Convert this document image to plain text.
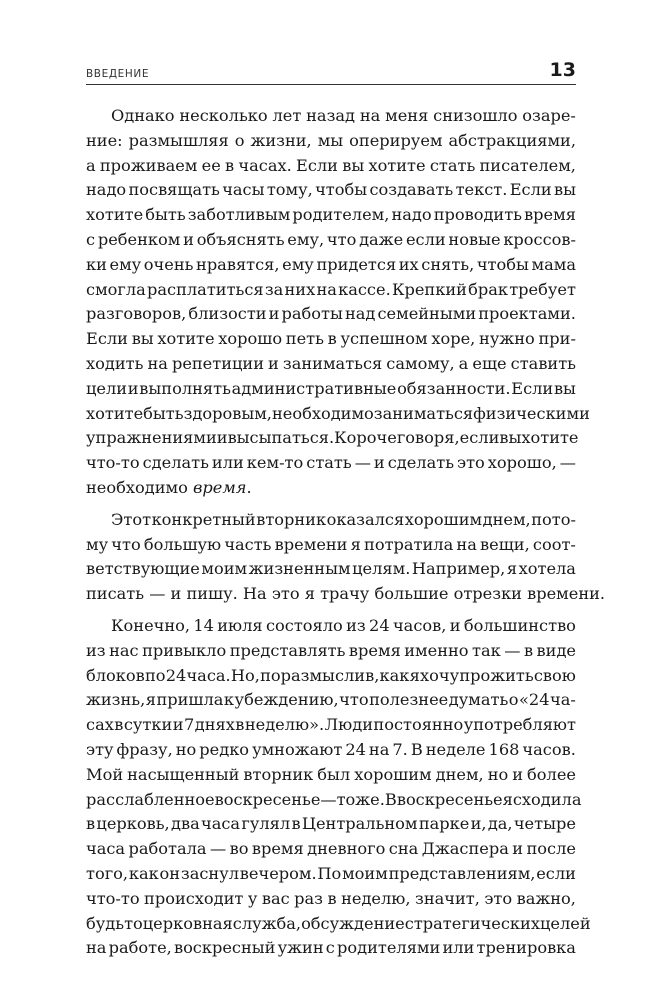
ВВЕДЕНИЕ	13
Однако несколько лет назад на меня снизошло озаре-
ние: размышляя о жизни, мы оперируем абстракциями,
а проживаем ее в часах. Если вы хотите стать писателем,
надо посвящать часы тому, чтобы создавать текст. Если вы
хотите быть заботливым родителем, надо проводить время
с ребенком и объяснять ему, что даже если новые кроссов-
ки ему очень нравятся, ему придется их снять, чтобы мама
смогла расплатиться за них на кассе. Крепкий брак требует
разговоров, близости и работы над семейными проектами.
Если вы хотите хорошо петь в успешном хоре, нужно при-
ходить на репетиции и заниматься самому, а еще ставить
цели и выполнять административные обязанности. Если вы
хотите быть здоровым, необходимо заниматься физическими
упражнениями и высыпаться. Короче говоря, если вы хотите
что-то сделать или кем-то стать — и сделать это хорошо, —
необходимо время .
Этот конкретный вторник оказался хорошим днем, пото-
му что большую часть времени я потратила на вещи, соот-
ветствующие моим жизненным целям. Например, я хотела
писать — и пишу. На это я трачу большие отрезки времени.
Конечно, 14 июля состояло из 24 часов, и большинство
из нас привыкло представлять время именно так — в виде
блоков по 24 часа. Но, поразмыслив, как я хочу прожить свою
жизнь, я пришла к убеждению, что полезнее думать о «24 ча-
сах в сутки и 7 днях в неделю». Люди постоянно употребляют
эту фразу, но редко умножают 24 на 7. В неделе 168 часов.
Мой насыщенный вторник был хорошим днем, но и более
расслабленное воскресенье — тоже. В воскресенье я сходила
в церковь, два часа гулял в Центральном парке и, да, четыре
часа работала — во время дневного сна Джаспера и после
того, как он заснул вечером. По моим представлениям, если
что-то происходит у вас раз в неделю, значит, это важно,
будь то церковная служба, обсуждение стратегических целей
на работе, воскресный ужин с родителями или тренировка
